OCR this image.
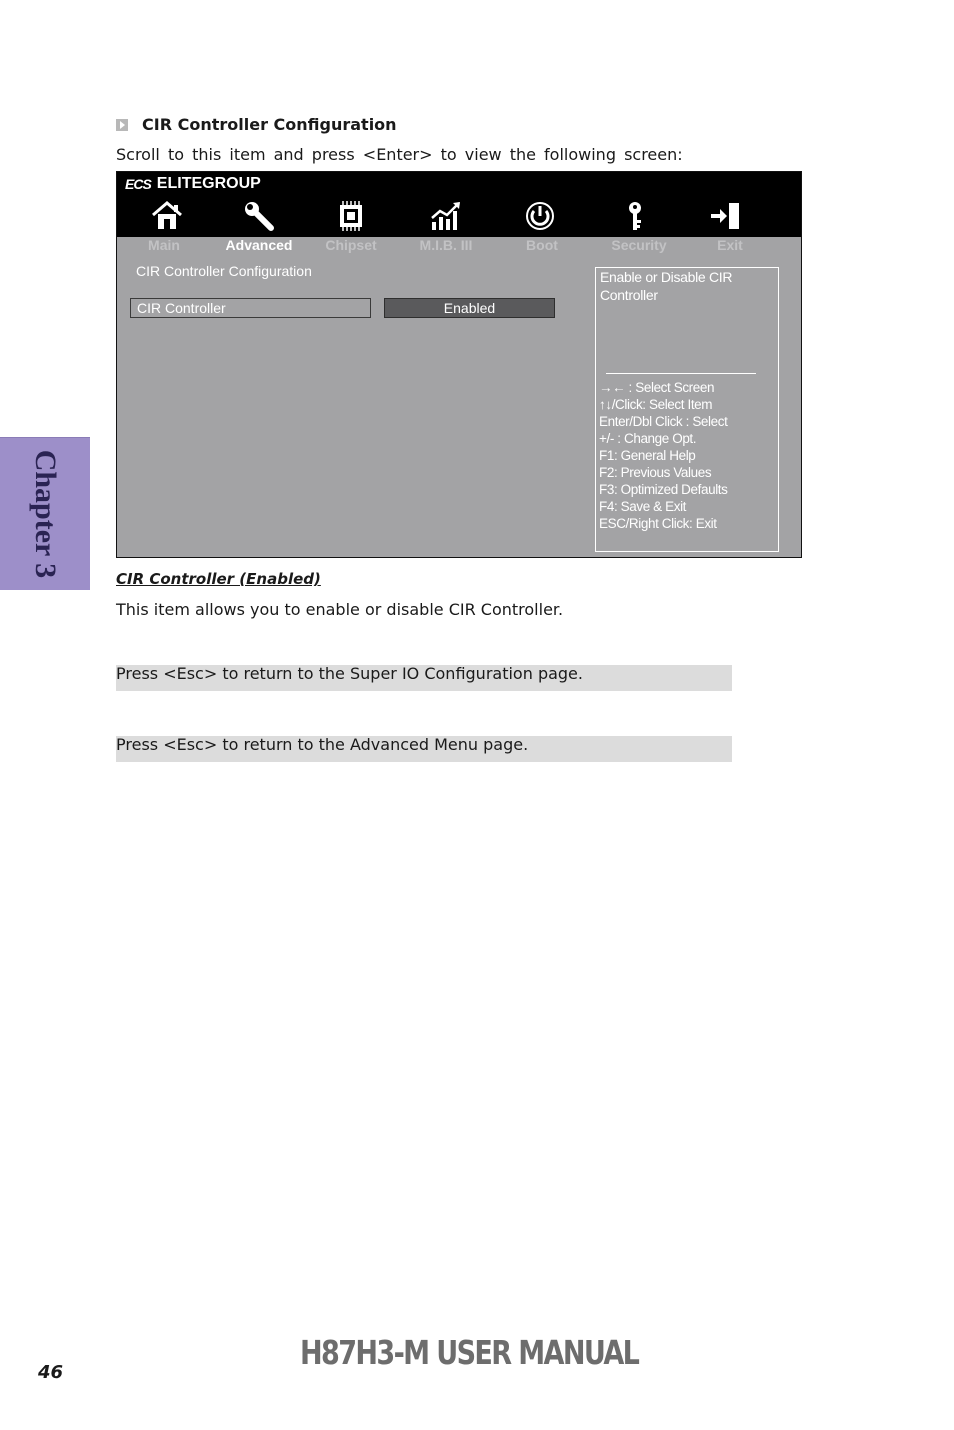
CIR Controller Configuration
Scroll to this item and press <Enter> to view the following screen:
ECS ELITEGROUP
Main	Advanced Chipset	M.I.B. III	Boot	Security	Exit
CIR Controller Configuration
CIR Controller	Enabled
Enable or Disable CIR Controller
→← : Select Screen
↑↓/Click: Select Item
Enter/Dbl Click : Select
+/- : Change Opt.
F1: General Help
F2: Previous Values
F3: Optimized Defaults
F4: Save & Exit
ESC/Right Click: Exit
Chapter 3
CIR Controller (Enabled)
This item allows you to enable or disable CIR Controller.
Press <Esc> to return to the Super IO Configuration page.
Press <Esc> to return to the Advanced Menu page.
46
H87H3-M USER MANUAL
